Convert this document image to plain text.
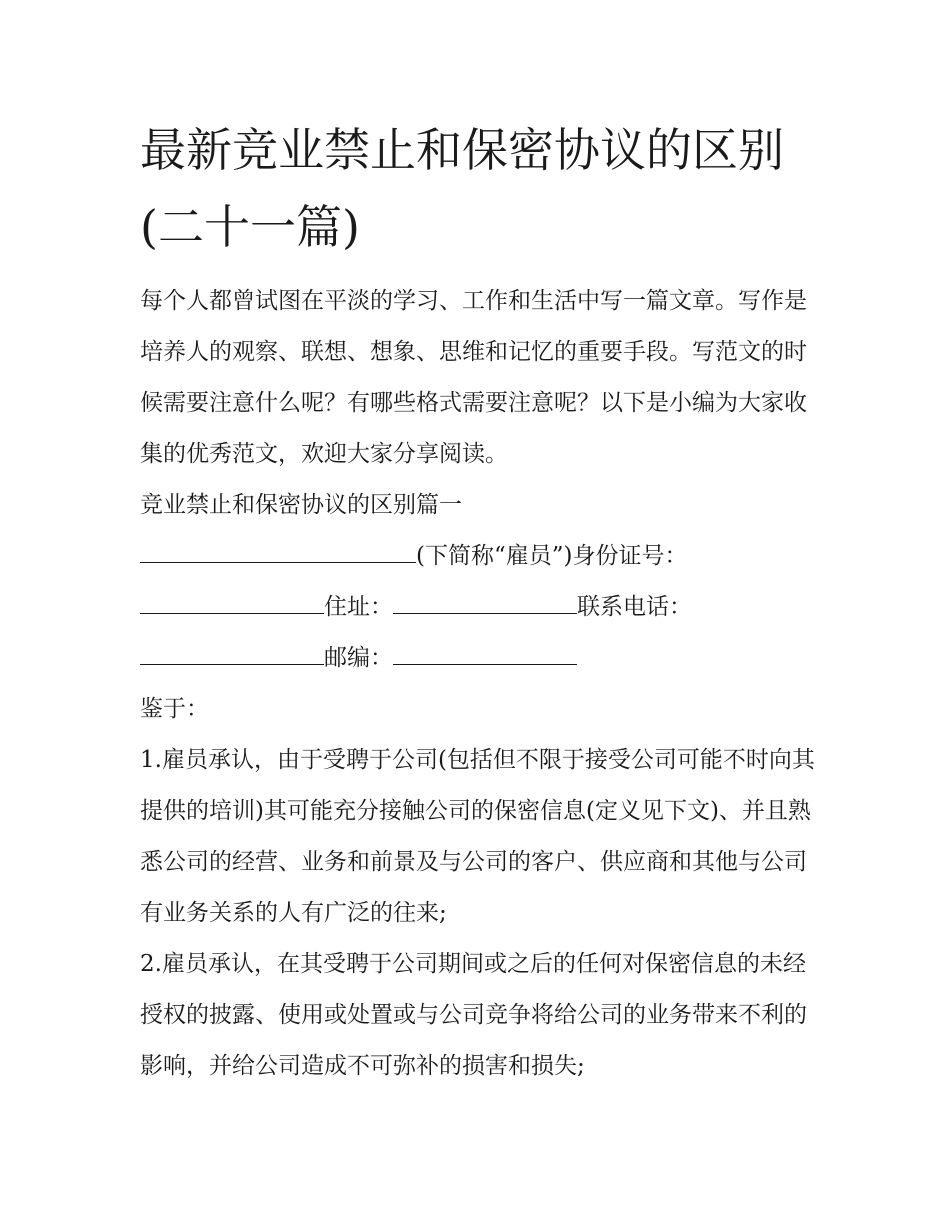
最新竞业禁止和保密协议的区别(二十一篇)

每个人都曾试图在平淡的学习、工作和生活中写一篇文章。写作是培养人的观察、联想、想象、思维和记忆的重要手段。写范文的时候需要注意什么呢？有哪些格式需要注意呢？以下是小编为大家收集的优秀范文，欢迎大家分享阅读。

竞业禁止和保密协议的区别篇一

(下简称“雇员”)身份证号：

住址：	联系电话：

邮编：

鉴于：

1.雇员承认，由于受聘于公司(包括但不限于接受公司可能不时向其提供的培训)其可能充分接触公司的保密信息(定义见下文)、并且熟悉公司的经营、业务和前景及与公司的客户、供应商和其他与公司有业务关系的人有广泛的往来;

2.雇员承认，在其受聘于公司期间或之后的任何对保密信息的未经授权的披露、使用或处置或与公司竞争将给公司的业务带来不利的影响，并给公司造成不可弥补的损害和损失;
